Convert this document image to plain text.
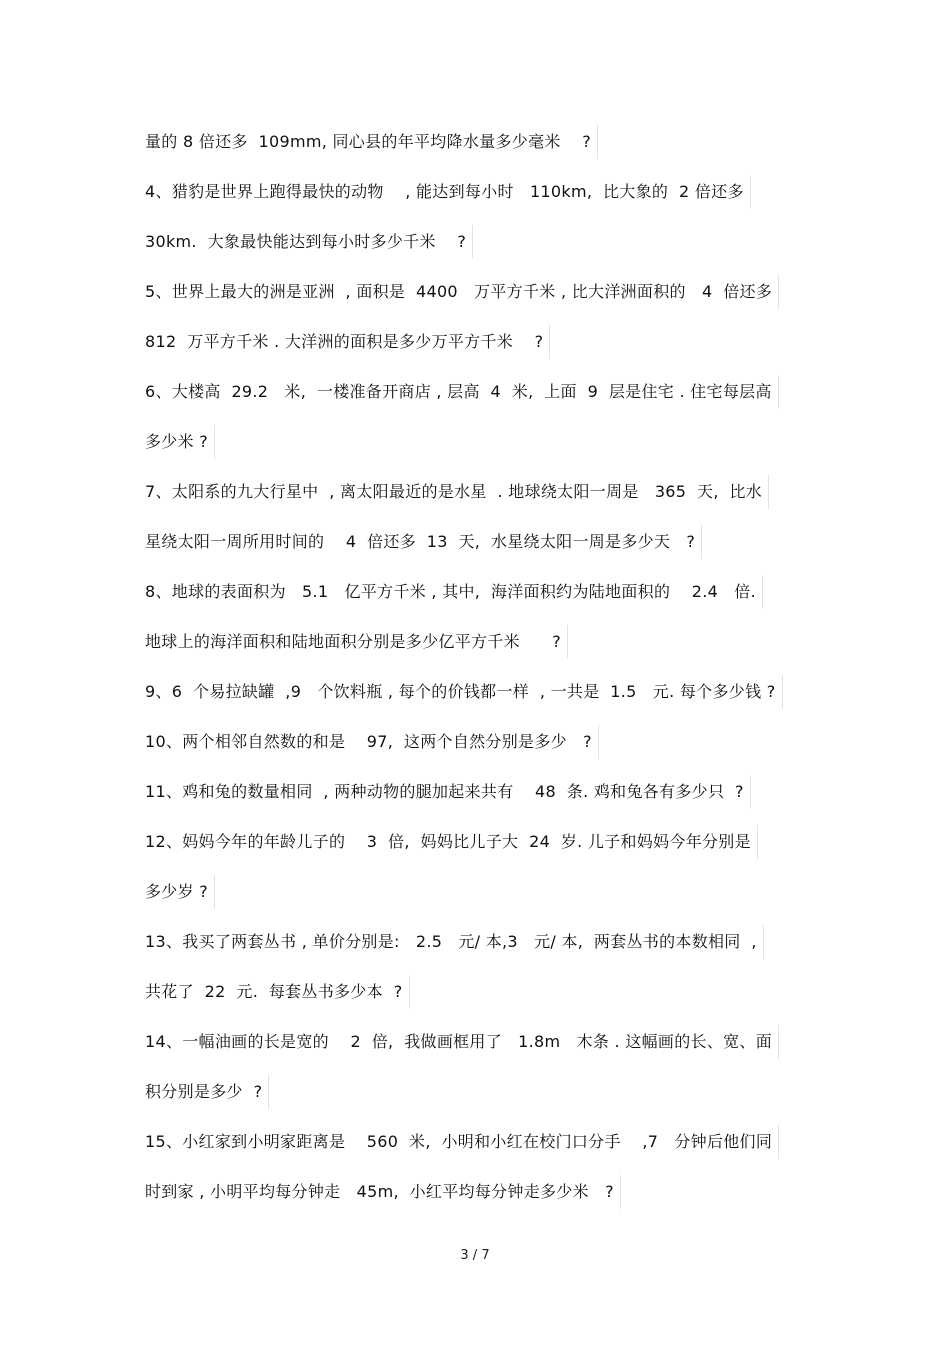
量的 8 倍还多  109mm, 同心县的年平均降水量多少毫米    ?
4、猎豹是世界上跑得最快的动物    , 能达到每小时   110km,  比大象的  2 倍还多
30km.  大象最快能达到每小时多少千米    ?
5、世界上最大的洲是亚洲  , 面积是  4400   万平方千米 , 比大洋洲面积的   4  倍还多
812  万平方千米 . 大洋洲的面积是多少万平方千米    ?
6、大楼高  29.2   米,  一楼准备开商店 , 层高  4  米,  上面  9  层是住宅 . 住宅每层高
多少米 ?
7、太阳系的九大行星中  , 离太阳最近的是水星  . 地球绕太阳一周是   365  天,  比水
星绕太阳一周所用时间的    4  倍还多  13  天,  水星绕太阳一周是多少天   ?
8、地球的表面积为   5.1   亿平方千米 , 其中,  海洋面积约为陆地面积的    2.4   倍.
地球上的海洋面积和陆地面积分别是多少亿平方千米      ?
9、6  个易拉缺罐  ,9   个饮料瓶 , 每个的价钱都一样  , 一共是  1.5   元. 每个多少钱 ?
10、两个相邻自然数的和是    97,  这两个自然分别是多少   ?
11、鸡和兔的数量相同  , 两种动物的腿加起来共有    48  条. 鸡和兔各有多少只  ?
12、妈妈今年的年龄儿子的    3  倍,  妈妈比儿子大  24  岁. 儿子和妈妈今年分别是
多少岁 ?
13、我买了两套丛书 , 单价分别是:   2.5   元/ 本,3   元/ 本,  两套丛书的本数相同  ,
共花了  22  元.  每套丛书多少本  ?
14、一幅油画的长是宽的    2  倍,  我做画框用了   1.8m   木条 . 这幅画的长、宽、面
积分别是多少  ?
15、小红家到小明家距离是    560  米,  小明和小红在校门口分手    ,7   分钟后他们同
时到家 , 小明平均每分钟走   45m,  小红平均每分钟走多少米   ?
3 / 7
